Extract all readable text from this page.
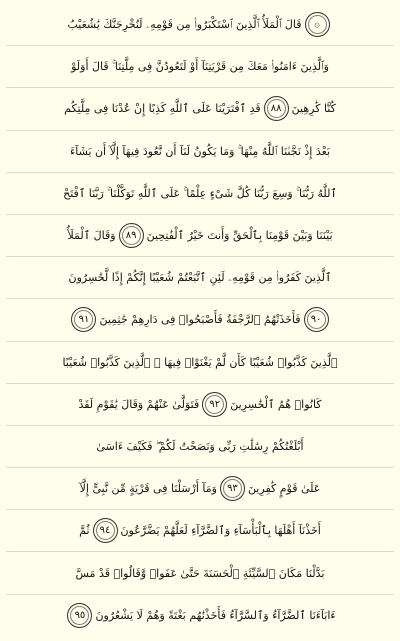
۞
قَالَ ٱلْمَلَأُ ٱلَّذِينَ ٱسْتَكْبَرُوا۟ مِن قَوْمِهِۦ لَنُخْرِجَنَّكَ يَٰشُعَيْبُ
وَٱلَّذِينَ ءَامَنُوا۟ مَعَكَ مِن قَرْيَتِنَآ أَوْ لَتَعُودُنَّ فِى مِلَّتِنَا ۚ قَالَ أَوَلَوْ
كُنَّا كَٰرِهِينَ
٨٨
قَدِ ٱفْتَرَيْنَا عَلَى ٱللَّهِ كَذِبًا إِنْ عُدْنَا فِى مِلَّتِكُم
بَعْدَ إِذْ نَجَّىٰنَا ٱللَّهُ مِنْهَا ۚ وَمَا يَكُونُ لَنَآ أَن نَّعُودَ فِيهَآ إِلَّآ أَن يَشَآءَ
ٱللَّهُ رَبُّنَا ۚ وَسِعَ رَبُّنَا كُلَّ شَىْءٍ عِلْمًا ۚ عَلَى ٱللَّهِ تَوَكَّلْنَا ۚ رَبَّنَا ٱفْتَحْ
بَيْنَنَا وَبَيْنَ قَوْمِنَا بِٱلْحَقِّ وَأَنتَ خَيْرُ ٱلْفَٰتِحِينَ
٨٩
وَقَالَ ٱلْمَلَأُ
ٱلَّذِينَ كَفَرُوا۟ مِن قَوْمِهِۦ لَئِنِ ٱتَّبَعْتُمْ شُعَيْبًا إِنَّكُمْ إِذًا لَّخَٰسِرُونَ
٩٠
فَأَخَذَتْهُمُ ٱلرَّجْفَةُ فَأَصْبَحُوا۟ فِى دَارِهِمْ جَٰثِمِينَ
٩١
ٱلَّذِينَ كَذَّبُوا۟ شُعَيْبًا كَأَن لَّمْ يَغْنَوْا۟ فِيهَا ۚ ٱلَّذِينَ كَذَّبُوا۟ شُعَيْبًا
كَانُوا۟ هُمُ ٱلْخَٰسِرِينَ
٩٢
فَتَوَلَّىٰ عَنْهُمْ وَقَالَ يَٰقَوْمِ لَقَدْ
أَبْلَغْتُكُمْ رِسَٰلَٰتِ رَبِّى وَنَصَحْتُ لَكُمْ ۖ فَكَيْفَ ءَاسَىٰ
عَلَىٰ قَوْمٍ كَٰفِرِينَ
٩٣
وَمَآ أَرْسَلْنَا فِى قَرْيَةٍ مِّن نَّبِىٍّ إِلَّآ
أَخَذْنَآ أَهْلَهَا بِٱلْبَأْسَآءِ وَٱلضَّرَّآءِ لَعَلَّهُمْ يَضَّرَّعُونَ
٩٤
ثُمَّ
بَدَّلْنَا مَكَانَ ٱلسَّيِّئَةِ ٱلْحَسَنَةَ حَتَّىٰ عَفَوا۟ وَّقَالُوا۟ قَدْ مَسَّ
ءَابَآءَنَا ٱلضَّرَّآءُ وَٱلسَّرَّآءُ فَأَخَذْنَٰهُم بَغْتَةً وَهُمْ لَا يَشْعُرُونَ
٩٥
